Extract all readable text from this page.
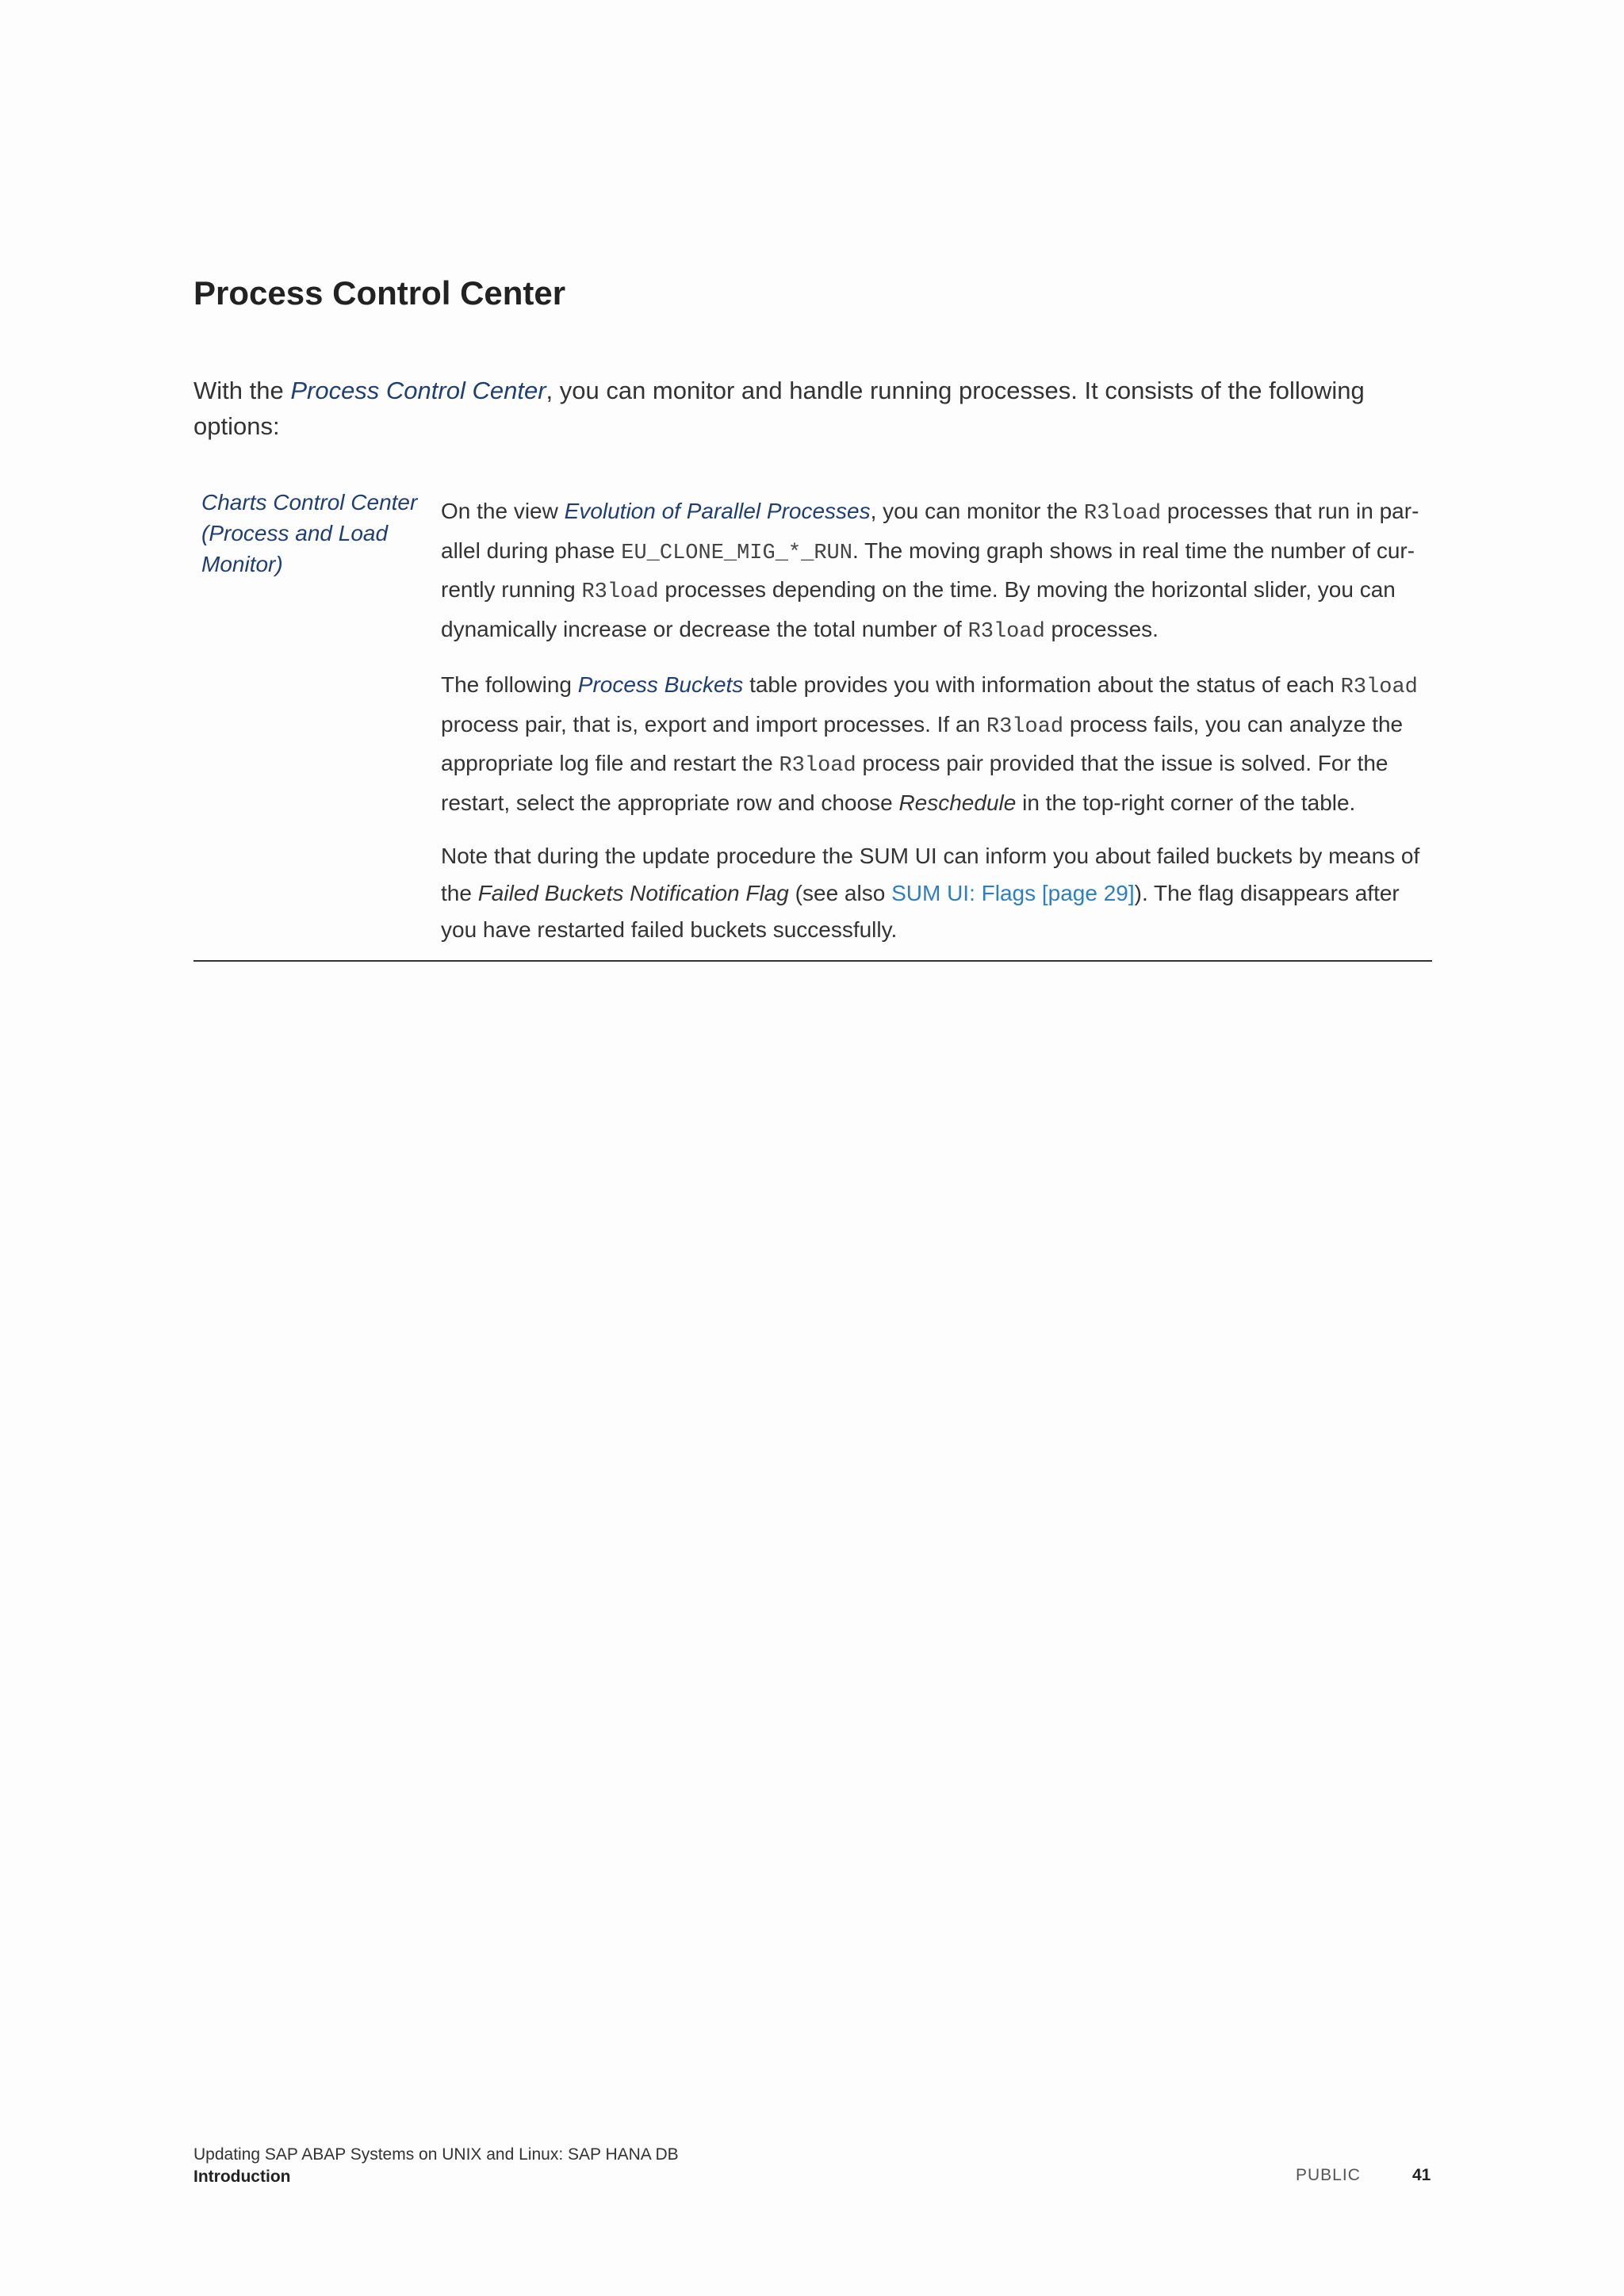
Process Control Center

With the Process Control Center, you can monitor and handle running processes. It consists of the following options:

Charts Control Center (Process and Load Monitor)

On the view Evolution of Parallel Processes, you can monitor the R3load processes that run in parallel during phase EU_CLONE_MIG_*_RUN. The moving graph shows in real time the number of currently running R3load processes depending on the time. By moving the horizontal slider, you can dynamically increase or decrease the total number of R3load processes.

The following Process Buckets table provides you with information about the status of each R3load process pair, that is, export and import processes. If an R3load process fails, you can analyze the appropriate log file and restart the R3load process pair provided that the issue is solved. For the restart, select the appropriate row and choose Reschedule in the top-right corner of the table.

Note that during the update procedure the SUM UI can inform you about failed buckets by means of the Failed Buckets Notification Flag (see also SUM UI: Flags [page 29]). The flag disappears after you have restarted failed buckets successfully.

Updating SAP ABAP Systems on UNIX and Linux: SAP HANA DB
Introduction	PUBLIC	41
